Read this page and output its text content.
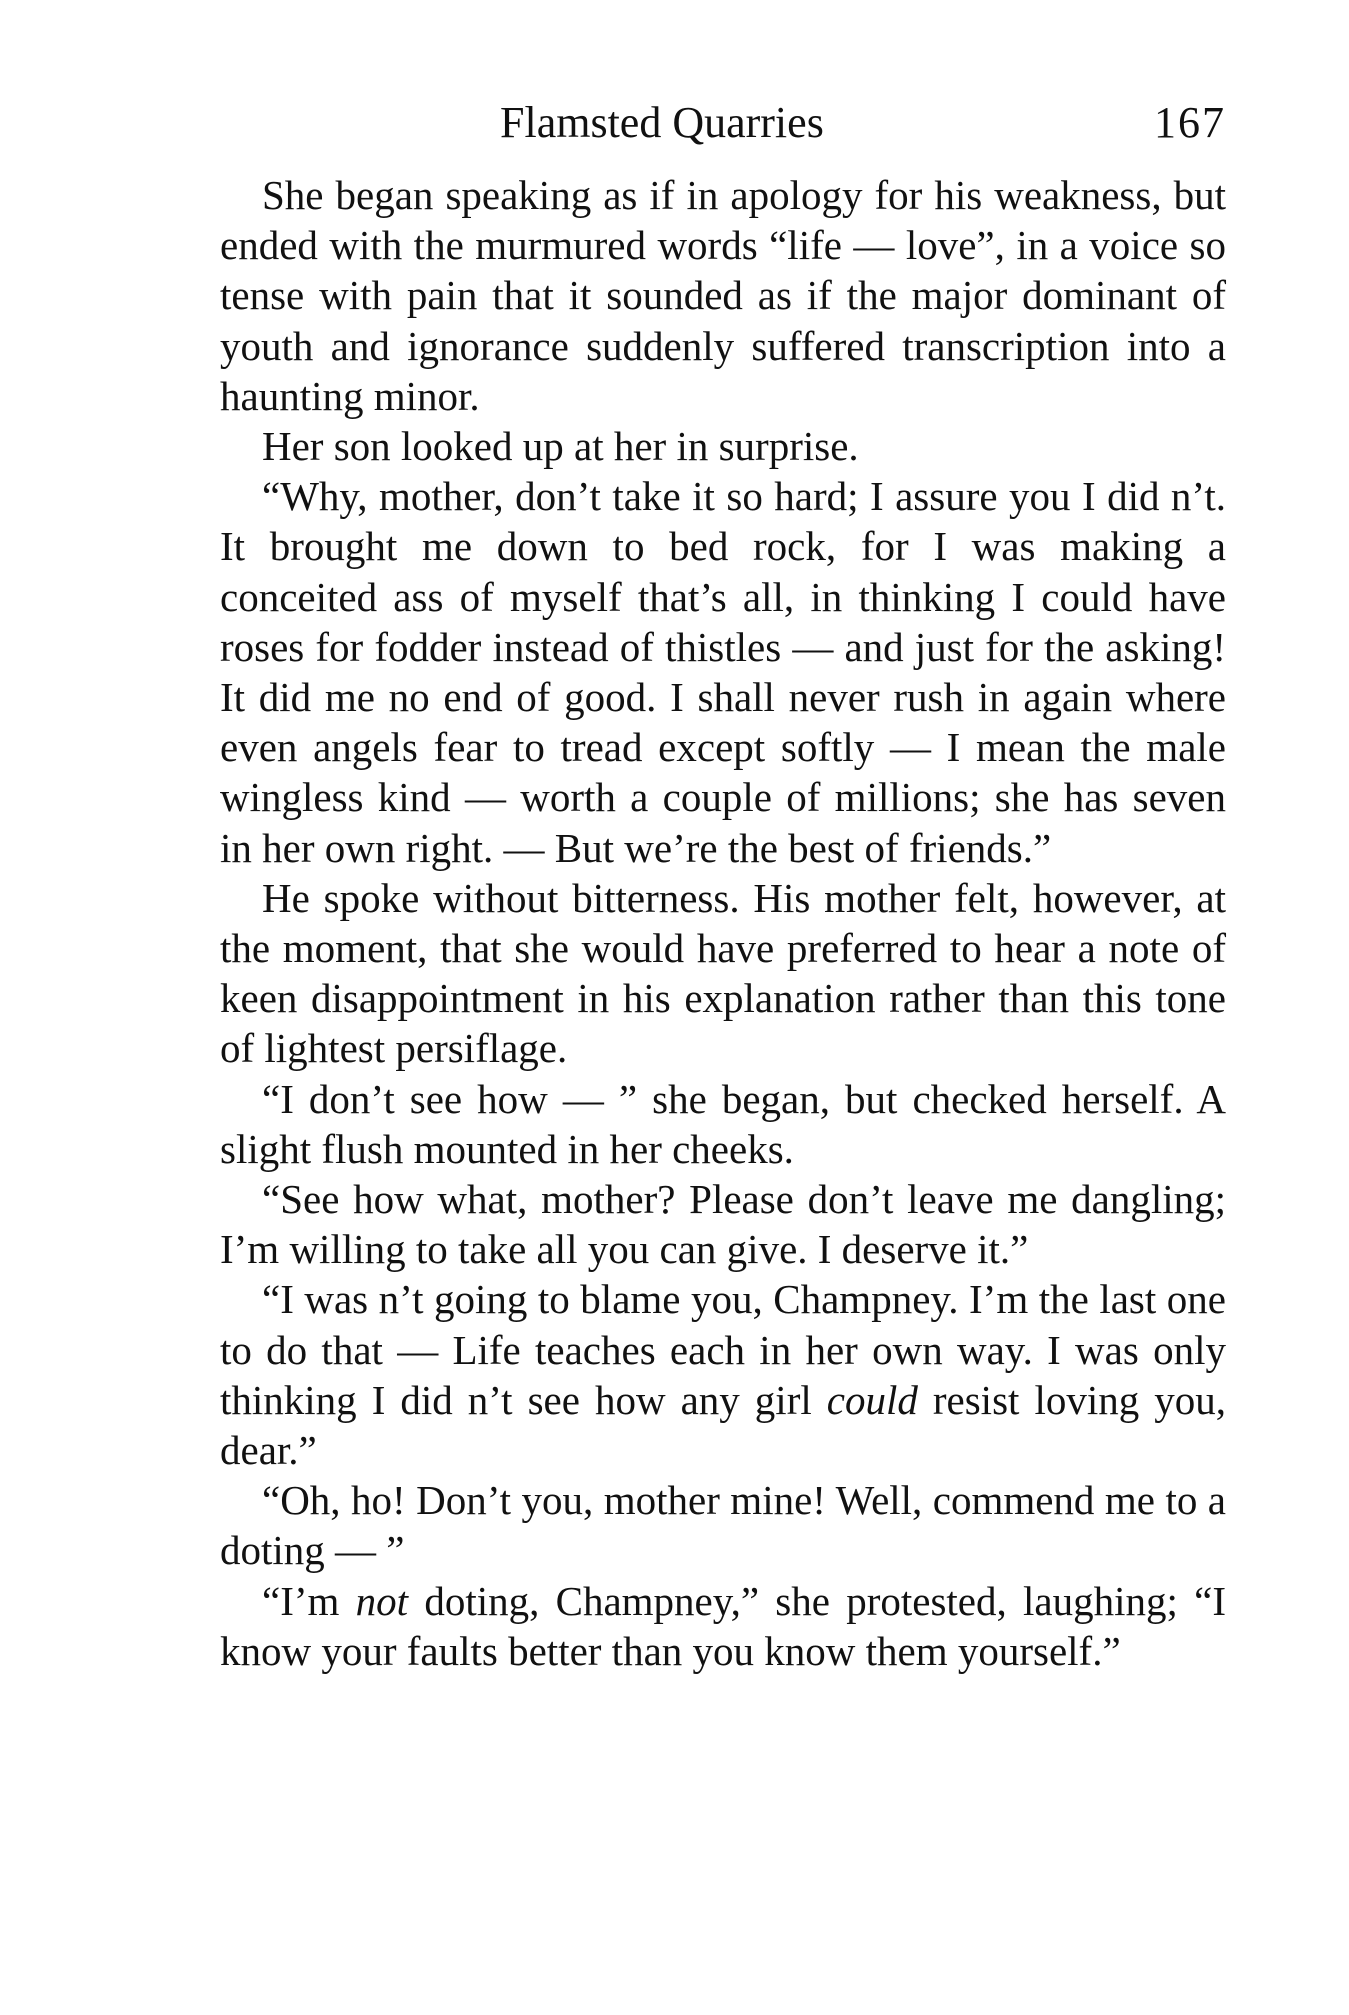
Flamsted Quarries	167

She began speaking as if in apology for his weakness, but ended with the murmured words “life — love”, in a voice so tense with pain that it sounded as if the major dominant of youth and ignorance suddenly suffered transcription into a haunting minor.

Her son looked up at her in surprise.

“Why, mother, don’t take it so hard; I assure you I did n’t. It brought me down to bed rock, for I was making a conceited ass of myself that’s all, in thinking I could have roses for fodder instead of thistles — and just for the asking! It did me no end of good. I shall never rush in again where even angels fear to tread except softly — I mean the male wingless kind — worth a couple of millions; she has seven in her own right. — But we’re the best of friends.”

He spoke without bitterness. His mother felt, however, at the moment, that she would have preferred to hear a note of keen disappointment in his explanation rather than this tone of lightest persiflage.

“I don’t see how — ” she began, but checked herself. A slight flush mounted in her cheeks.

“See how what, mother? Please don’t leave me dangling; I’m willing to take all you can give. I deserve it.”

“I was n’t going to blame you, Champney. I’m the last one to do that — Life teaches each in her own way. I was only thinking I did n’t see how any girl could resist loving you, dear.”

“Oh, ho! Don’t you, mother mine! Well, commend me to a doting — ”

“I’m not doting, Champney,” she protested, laughing; “I know your faults better than you know them yourself.”
